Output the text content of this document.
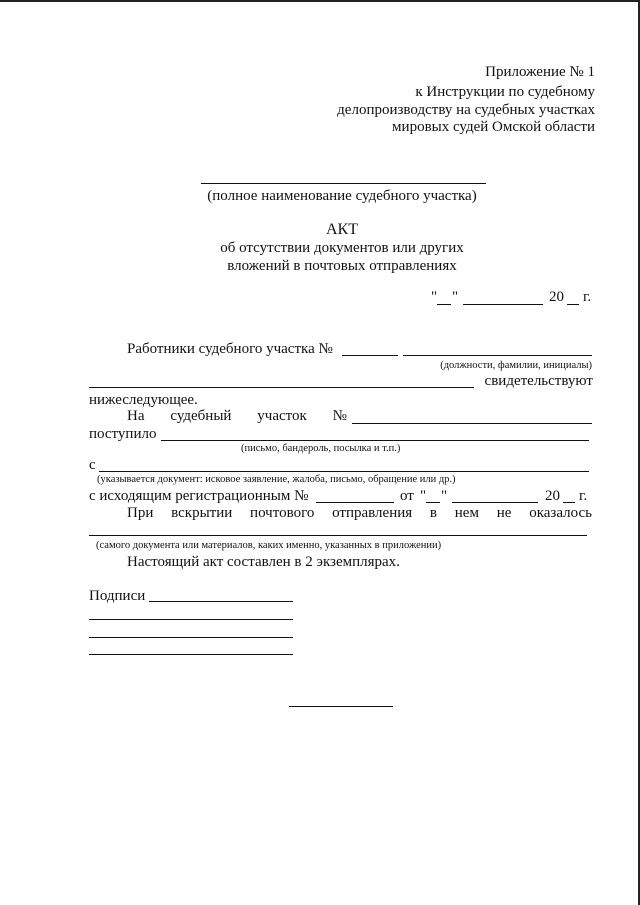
Приложение № 1
к Инструкции по судебному
делопроизводству на судебных участках
мировых судей Омской области
(полное наименование судебного участка)
АКТ
об отсутствии документов или других
вложений в почтовых отправлениях
" "	20 г.
Работники судебного участка №
(должности, фамилии, инициалы)
свидетельствуют
нижеследующее.
На судебный участок №
поступило
(письмо, бандероль, посылка и т.п.)
с
(указывается документ: исковое заявление, жалоба, письмо, обращение или др.)
с исходящим регистрационным №	от " "	20 г.
При вскрытии почтового отправления в нем не оказалось
(самого документа или материалов, каких именно, указанных в приложении)
Настоящий акт составлен в 2 экземплярах.
Подписи
